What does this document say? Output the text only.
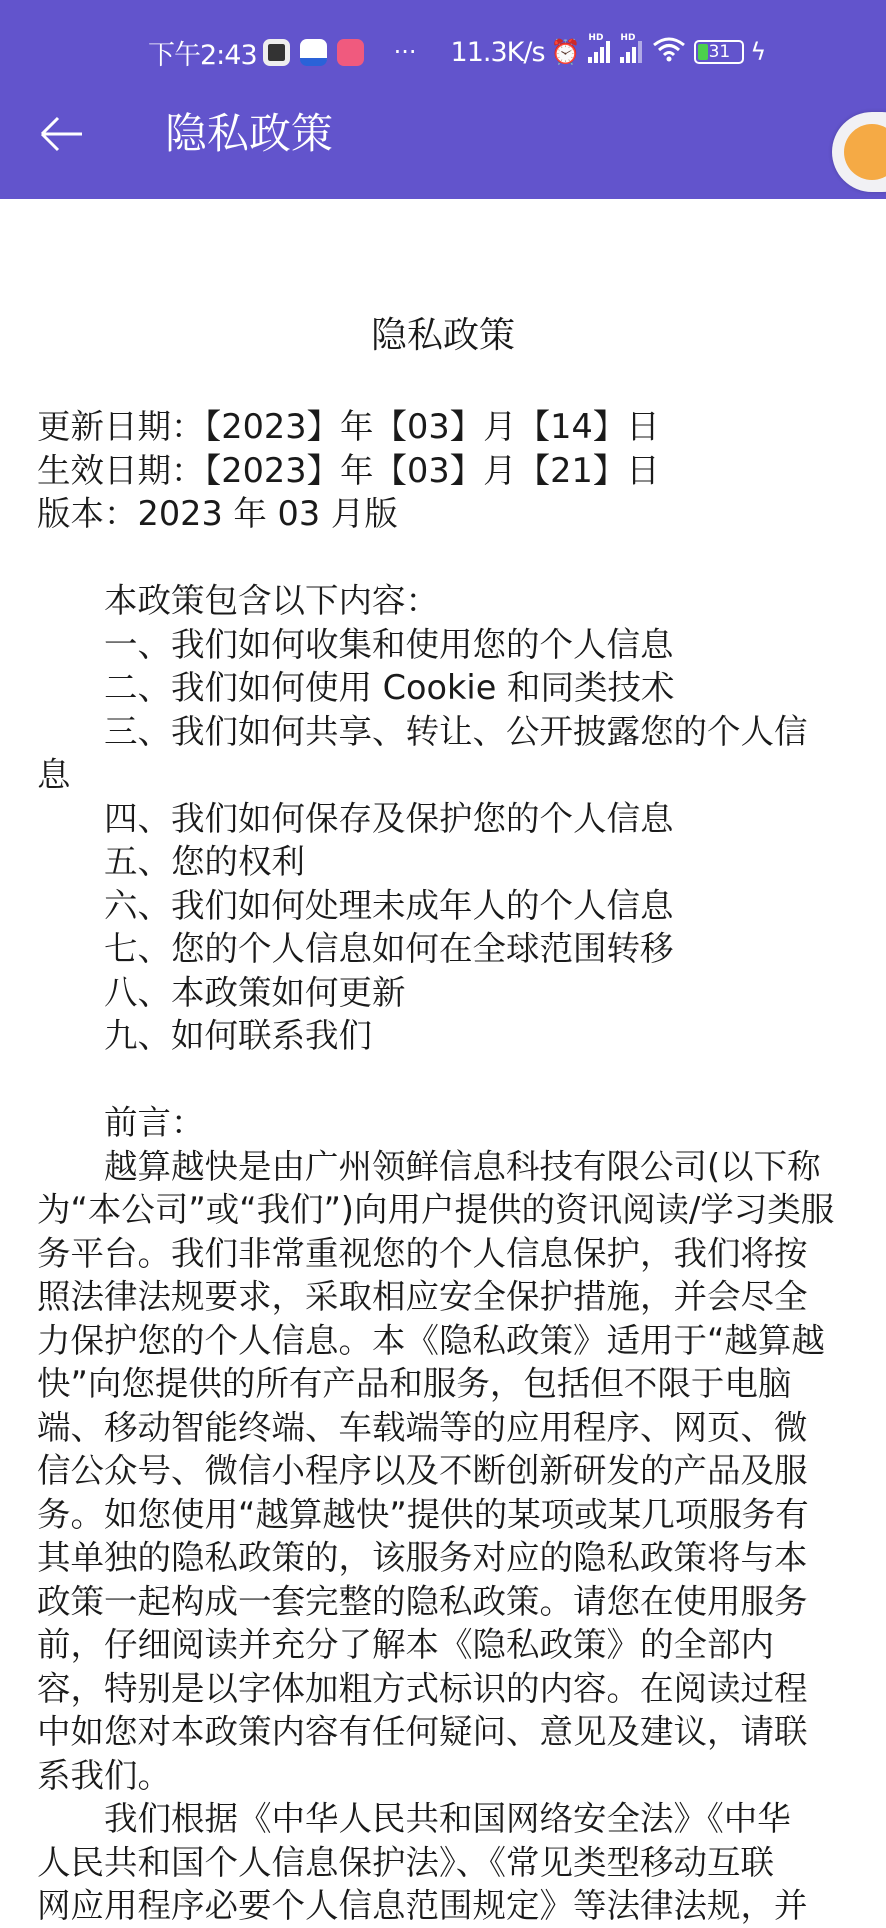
下午2:43	··· 11.3K/s ⏰ HD HD
31 ϟ
隐私政策
隐私政策
更新日期：【2023】年【03】月【14】日
生效日期：【2023】年【03】月【21】日
版本：2023 年 03 月版
本政策包含以下内容：
一、我们如何收集和使用您的个人信息
二、我们如何使用 Cookie 和同类技术
三、我们如何共享、转让、公开披露您的个人信
息
四、我们如何保存及保护您的个人信息
五、您的权利
六、我们如何处理未成年人的个人信息
七、您的个人信息如何在全球范围转移
八、本政策如何更新
九、如何联系我们
前言：
越算越快是由广州领鲜信息科技有限公司(以下称
为“本公司”或“我们”)向用户提供的资讯阅读/学习类服
务平台。我们非常重视您的个人信息保护，我们将按
照法律法规要求，采取相应安全保护措施，并会尽全
力保护您的个人信息。本《隐私政策》适用于“越算越
快”向您提供的所有产品和服务，包括但不限于电脑
端、移动智能终端、车载端等的应用程序、网页、微
信公众号、微信小程序以及不断创新研发的产品及服
务。如您使用“越算越快”提供的某项或某几项服务有
其单独的隐私政策的，该服务对应的隐私政策将与本
政策一起构成一套完整的隐私政策。请您在使用服务
前，仔细阅读并充分了解本《隐私政策》的全部内
容，特别是以字体加粗方式标识的内容。在阅读过程
中如您对本政策内容有任何疑问、意见及建议，请联
系我们。
我们根据《中华人民共和国网络安全法》《中华
人民共和国个人信息保护法》、《常见类型移动互联
网应用程序必要个人信息范围规定》等法律法规，并
